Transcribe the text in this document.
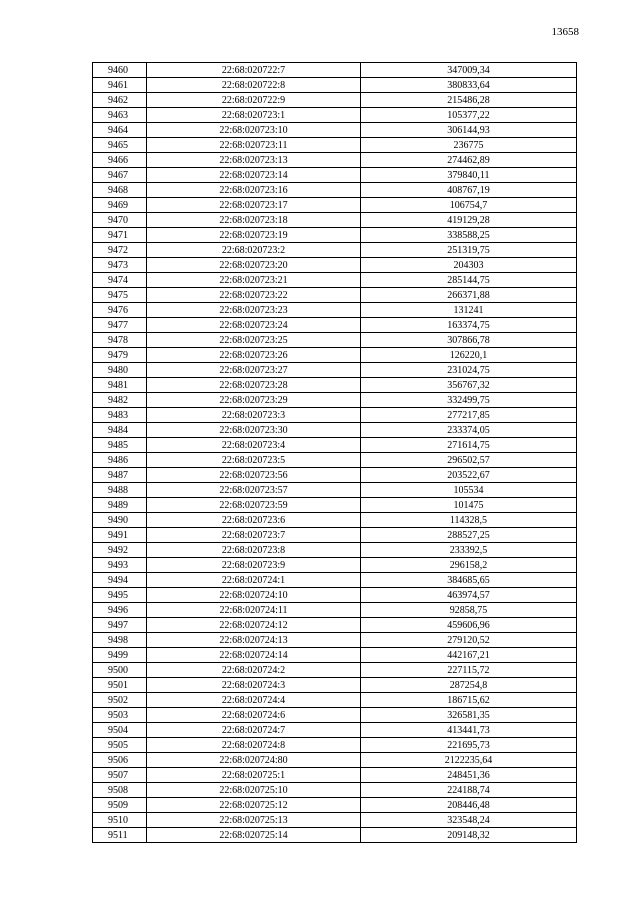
13658
9460	22:68:020722:7	347009,34
9461	22:68:020722:8	380833,64
9462	22:68:020722:9	215486,28
9463	22:68:020723:1	105377,22
9464	22:68:020723:10	306144,93
9465	22:68:020723:11	236775
9466	22:68:020723:13	274462,89
9467	22:68:020723:14	379840,11
9468	22:68:020723:16	408767,19
9469	22:68:020723:17	106754,7
9470	22:68:020723:18	419129,28
9471	22:68:020723:19	338588,25
9472	22:68:020723:2	251319,75
9473	22:68:020723:20	204303
9474	22:68:020723:21	285144,75
9475	22:68:020723:22	266371,88
9476	22:68:020723:23	131241
9477	22:68:020723:24	163374,75
9478	22:68:020723:25	307866,78
9479	22:68:020723:26	126220,1
9480	22:68:020723:27	231024,75
9481	22:68:020723:28	356767,32
9482	22:68:020723:29	332499,75
9483	22:68:020723:3	277217,85
9484	22:68:020723:30	233374,05
9485	22:68:020723:4	271614,75
9486	22:68:020723:5	296502,57
9487	22:68:020723:56	203522,67
9488	22:68:020723:57	105534
9489	22:68:020723:59	101475
9490	22:68:020723:6	114328,5
9491	22:68:020723:7	288527,25
9492	22:68:020723:8	233392,5
9493	22:68:020723:9	296158,2
9494	22:68:020724:1	384685,65
9495	22:68:020724:10	463974,57
9496	22:68:020724:11	92858,75
9497	22:68:020724:12	459606,96
9498	22:68:020724:13	279120,52
9499	22:68:020724:14	442167,21
9500	22:68:020724:2	227115,72
9501	22:68:020724:3	287254,8
9502	22:68:020724:4	186715,62
9503	22:68:020724:6	326581,35
9504	22:68:020724:7	413441,73
9505	22:68:020724:8	221695,73
9506	22:68:020724:80	2122235,64
9507	22:68:020725:1	248451,36
9508	22:68:020725:10	224188,74
9509	22:68:020725:12	208446,48
9510	22:68:020725:13	323548,24
9511	22:68:020725:14	209148,32
